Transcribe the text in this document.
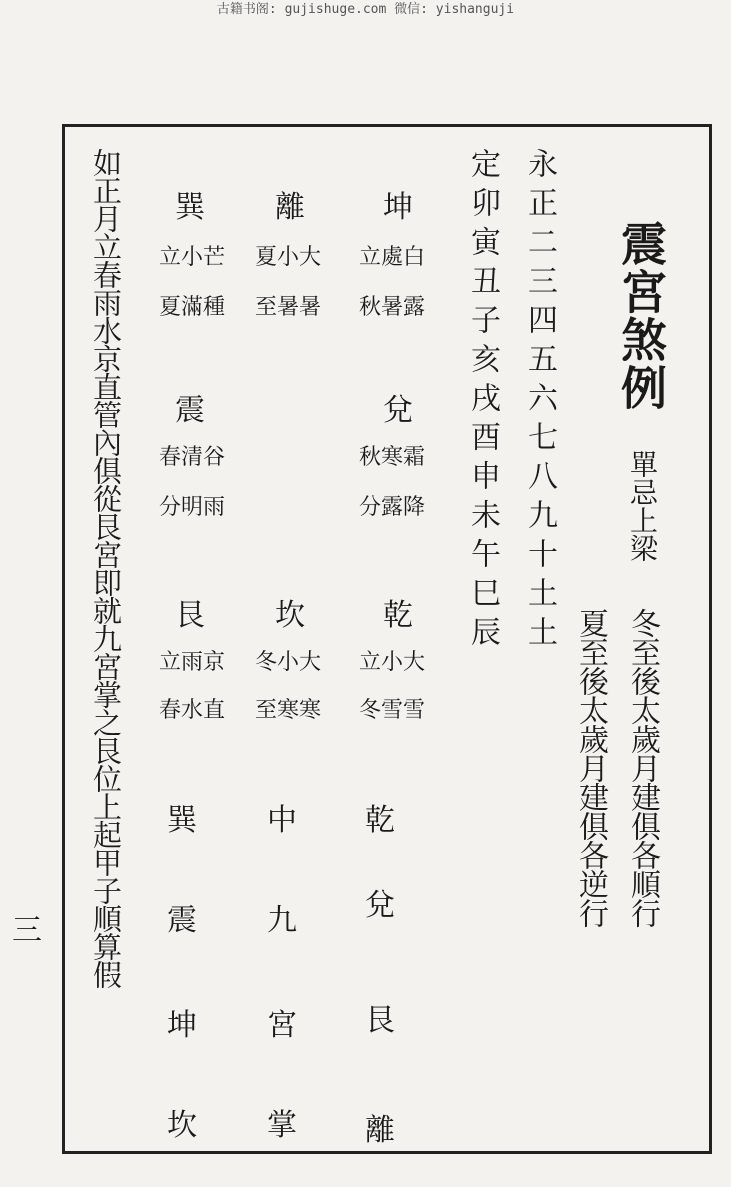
古籍书阁: gujishuge.com 微信: yishanguji
震宮煞例
單忌上梁
冬至後太歲月建俱各順行
夏至後太歲月建俱各逆行
永正二三四五六七八九十土土
定卯寅丑子亥戌酉申未午巳辰
坤
離
巽
立處白
秋暑露
夏小大
至暑暑
立小芒
夏滿種
兌
震
秋寒霜
分露降
春清谷
分明雨
乾
坎
艮
立小大
冬雪雪
冬小大
至寒寒
立雨京
春水直
乾
兌
艮
離
中
九
宮
掌
巽
震
坤
坎
如正月立春雨水京直管內俱從艮宮即就九宮掌之艮位上起甲子順算假
三
